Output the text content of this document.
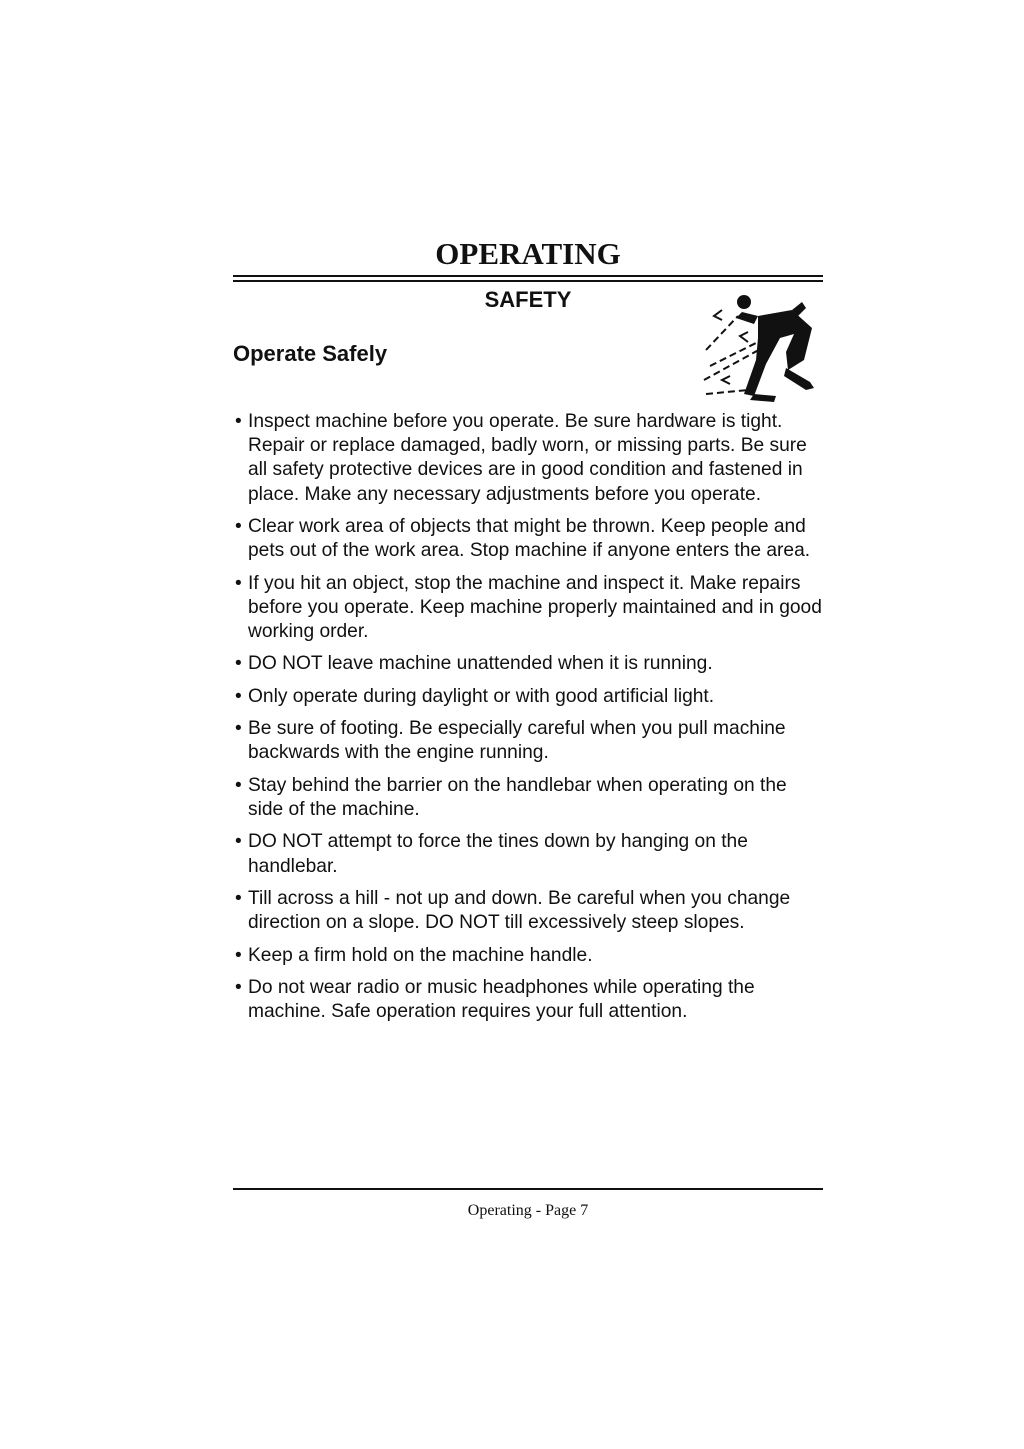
OPERATING
SAFETY
Operate Safely
• Inspect machine before you operate. Be sure hardware is tight. Repair or replace damaged, badly worn, or missing parts. Be sure all safety protective devices are in good condition and fastened in place. Make any necessary adjustments before you operate.
• Clear work area of objects that might be thrown. Keep people and pets out of the work area. Stop machine if anyone enters the area.
• If you hit an object, stop the machine and inspect it. Make repairs before you operate. Keep machine properly maintained and in good working order.
• DO NOT leave machine unattended when it is running.
• Only operate during daylight or with good artificial light.
• Be sure of footing. Be especially careful when you pull machine backwards with the engine running.
• Stay behind the barrier on the handlebar when operating on the side of the machine.
• DO NOT attempt to force the tines down by hanging on the handlebar.
• Till across a hill - not up and down. Be careful when you change direction on a slope. DO NOT till excessively steep slopes.
• Keep a firm hold on the machine handle.
• Do not wear radio or music headphones while operating the machine. Safe operation requires your full attention.

Operating - Page 7
